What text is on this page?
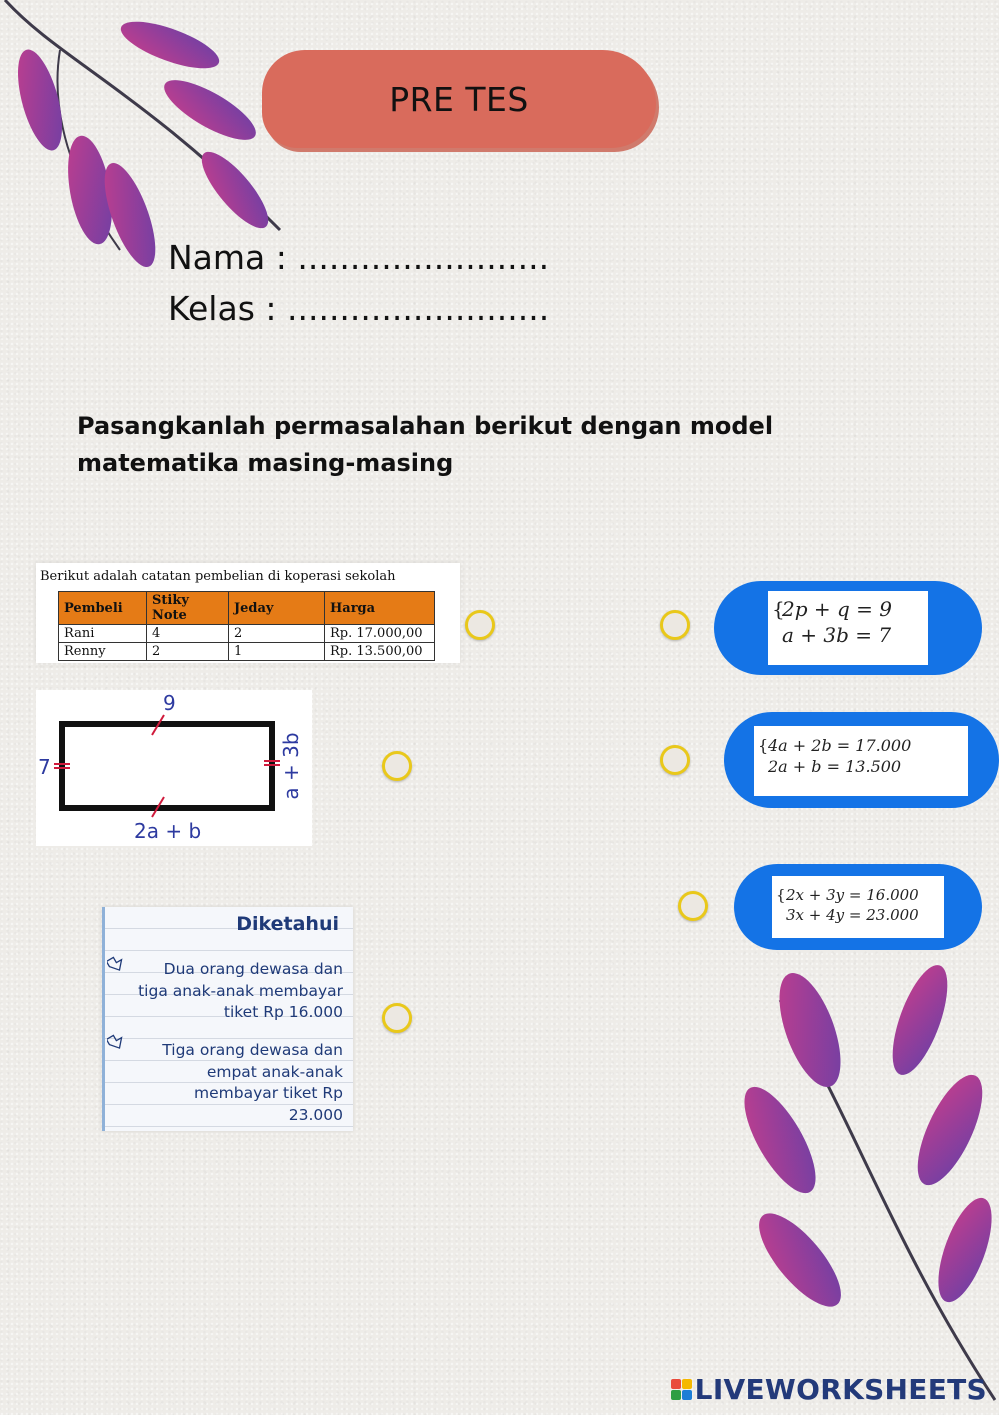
PRE TES
Nama : ........................
Kelas : .........................
Pasangkanlah permasalahan berikut dengan model matematika masing-masing
Berikut adalah catatan pembelian di koperasi sekolah
Pembeli	Stiky Note	Jeday	Harga
Rani	4	2	Rp. 17.000,00
Renny	2	1	Rp. 13.500,00
9
7	a + 3b
2a + b
Diketahui
Dua orang dewasa dan
tiga anak-anak membayar
tiket Rp 16.000
Tiga orang dewasa dan
empat anak-anak
membayar tiket Rp
23.000
{
2p + q = 9
a + 3b = 7
{ 4a + 2b = 17.000
2a + b = 13.500
{ 2x + 3y = 16.000
3x + 4y = 23.000
LIVEWORKSHEETS
